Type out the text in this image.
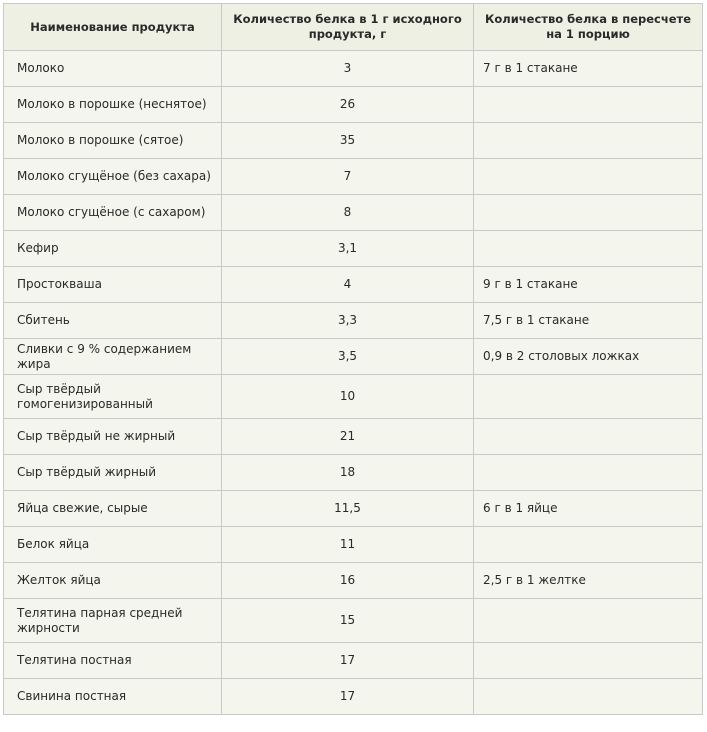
Наименование продукта	Количество белка в 1 г исходного продукта, г	Количество белка в пересчете на 1 порцию
Молоко	3	7 г в 1 стакане
Молоко в порошке (неснятое)	26	
Молоко в порошке (сятое)	35	
Молоко сгущёное (без сахара)	7	
Молоко сгущёное (с сахаром)	8	
Кефир	3,1	
Простокваша	4	9 г в 1 стакане
Сбитень	3,3	7,5 г в 1 стакане
Сливки с 9 % содержанием жира	3,5	0,9 в 2 столовых ложках
Сыр твёрдый гомогенизированный	10	
Сыр твёрдый не жирный	21	
Сыр твёрдый жирный	18	
Яйца свежие, сырые	11,5	6 г в 1 яйце
Белок яйца	11	
Желток яйца	16	2,5 г в 1 желтке
Телятина парная средней жирности	15	
Телятина постная	17	
Свинина постная	17	
